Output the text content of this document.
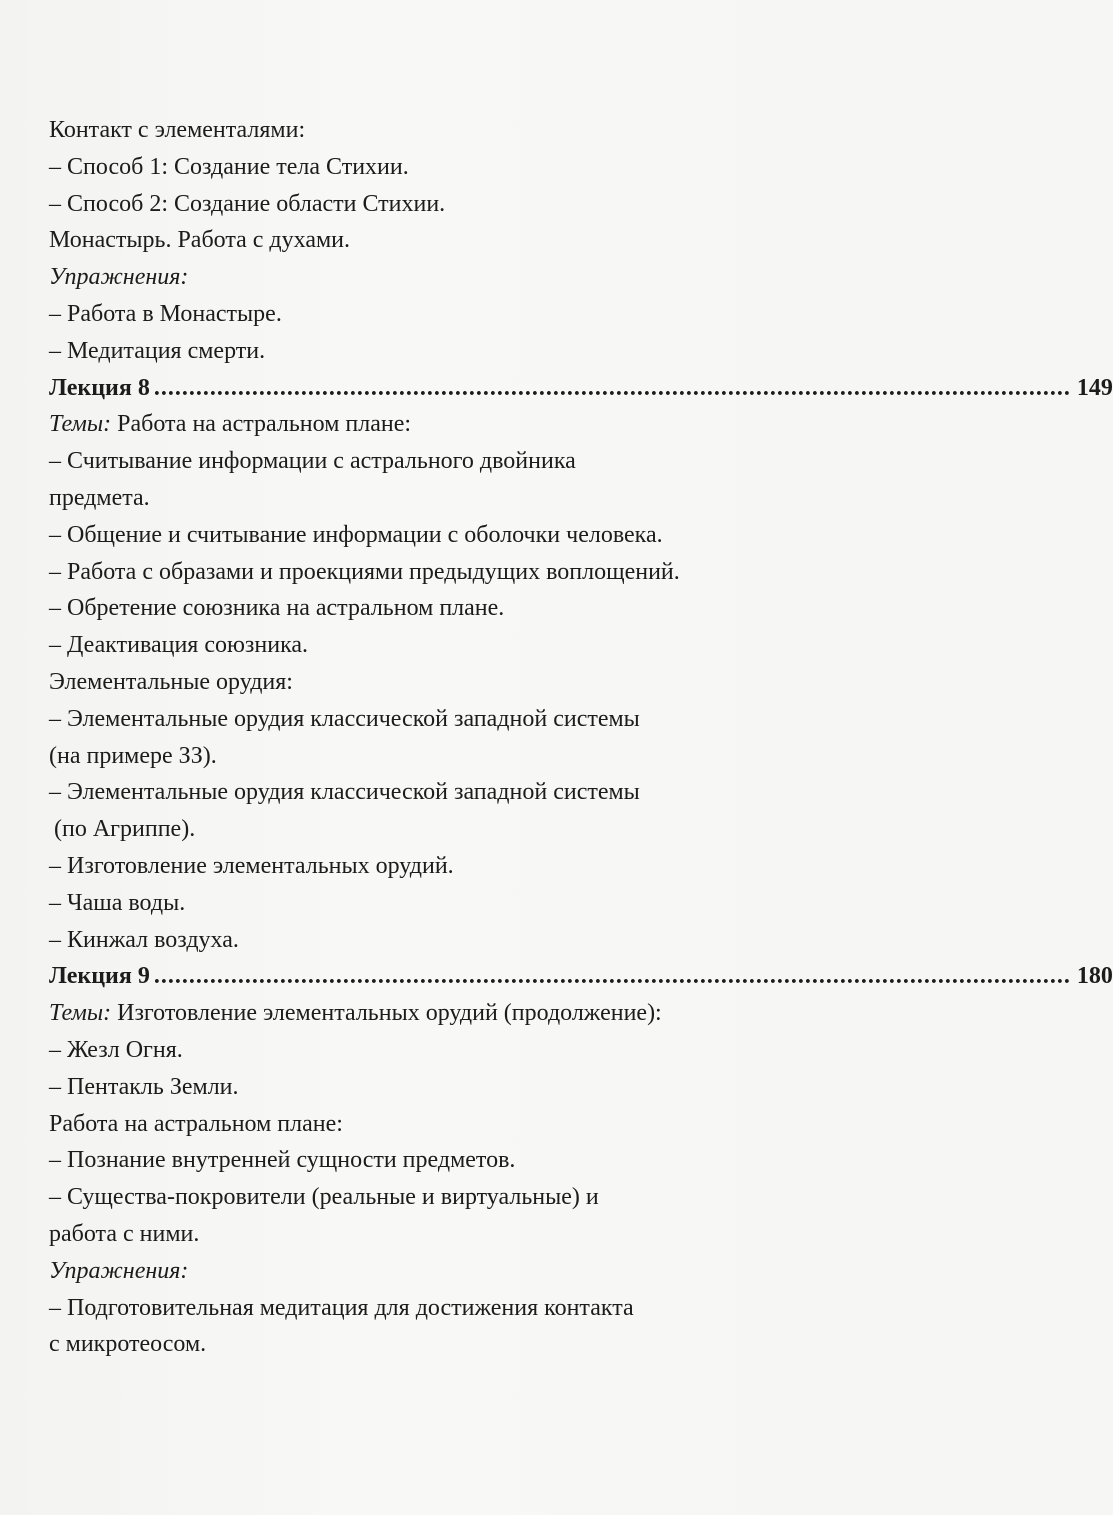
Контакт с элементалями:
– Способ 1: Создание тела Стихии.
– Способ 2: Создание области Стихии.
Монастырь. Работа с духами.
Упражнения:
– Работа в Монастыре.
– Медитация смерти.
Лекция 8 ................................................................................................................................... 149
Темы: Работа на астральном плане:
– Считывание информации с астрального двойника
предмета.
– Общение и считывание информации с оболочки человека.
– Работа с образами и проекциями предыдущих воплощений.
– Обретение союзника на астральном плане.
– Деактивация союзника.
Элементальные орудия:
– Элементальные орудия классической западной системы
(на примере ЗЗ).
– Элементальные орудия классической западной системы
(по Агриппе).
– Изготовление элементальных орудий.
– Чаша воды.
– Кинжал воздуха.
Лекция 9 ................................................................................................................................... 180
Темы: Изготовление элементальных орудий (продолжение):
– Жезл Огня.
– Пентакль Земли.
Работа на астральном плане:
– Познание внутренней сущности предметов.
– Существа-покровители (реальные и виртуальные) и
работа с ними.
Упражнения:
– Подготовительная медитация для достижения контакта
с микротеосом.
